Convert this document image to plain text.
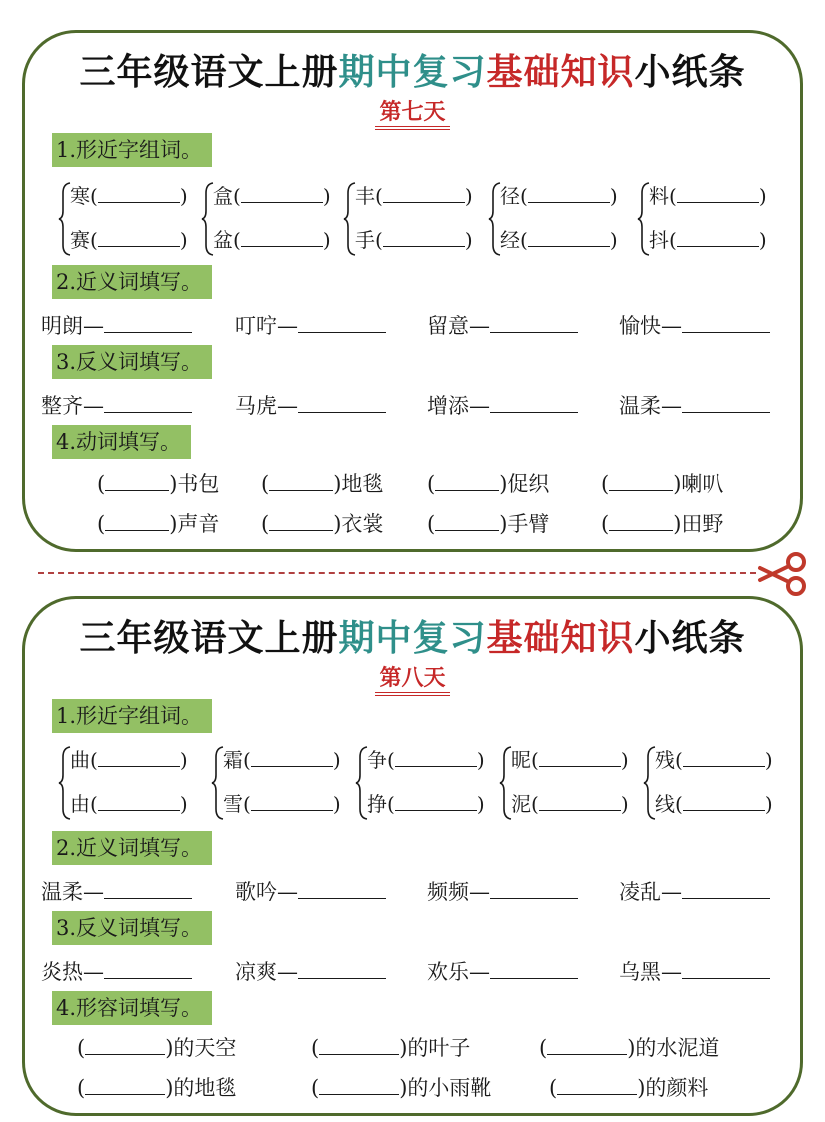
三年级语文上册期中复习基础知识小纸条
第七天
1.形近字组词。
寒(	)
赛(	)
盒(	)
盆(	)
丰(	)
手(	)
径(	)
经(	)
料(	)
抖(	)
2.近义词填写。
明朗—	叮咛—	留意—	愉快—
3.反义词填写。
整齐—	马虎—	增添—	温柔—
4.动词填写。
(	)书包 (	)地毯 (	)促织 (	)喇叭
(	)声音 (	)衣裳 (	)手臂 (	)田野
三年级语文上册期中复习基础知识小纸条
第八天
1.形近字组词。
曲(	)
由(	)
霜(	)
雪(	)
争(	)
挣(	)
昵(	)
泥(	)
残(	)
线(	)
2.近义词填写。
温柔—	歌吟—	频频—	凌乱—
3.反义词填写。
炎热—	凉爽—	欢乐—	乌黑—
4.形容词填写。
(	)的天空	(	)的叶子	(	)的水泥道
(	)的地毯	(	)的小雨靴	(	)的颜料
